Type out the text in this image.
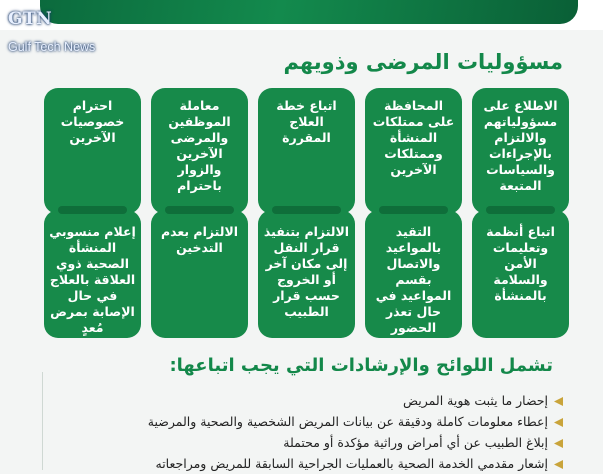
GTN
Gulf Tech News
مسؤوليات المرضى وذويهم
الاطلاع على مسؤولياتهم والالتزام بالإجراءات والسياسات المتبعة
اتباع أنظمة وتعليمات الأمن والسلامة بالمنشأة
المحافظة على ممتلكات المنشأة وممتلكات الآخرين
التقيد بالمواعيد والاتصال بقسم المواعيد في حال تعذر الحضور
اتباع خطة العلاج المقررة
الالتزام بتنفيذ قرار النقل إلى مكان آخر أو الخروج حسب قرار الطبيب
معاملة الموظفين والمرضى الآخرين والزوار باحترام
الالتزام بعدم التدخين
احترام خصوصيات الآخرين
إعلام منسوبي المنشأة الصحية ذوي العلاقة بالعلاج في حال الإصابة بمرض مُعدٍ
تشمل اللوائح والإرشادات التي يجب اتباعها:
إحضار ما يثبت هوية المريض
إعطاء معلومات كاملة ودقيقة عن بيانات المريض الشخصية والصحية والمرضية
إبلاغ الطبيب عن أي أمراض وراثية مؤكدة أو محتملة
إشعار مقدمي الخدمة الصحية بالعمليات الجراحية السابقة للمريض ومراجعاته
